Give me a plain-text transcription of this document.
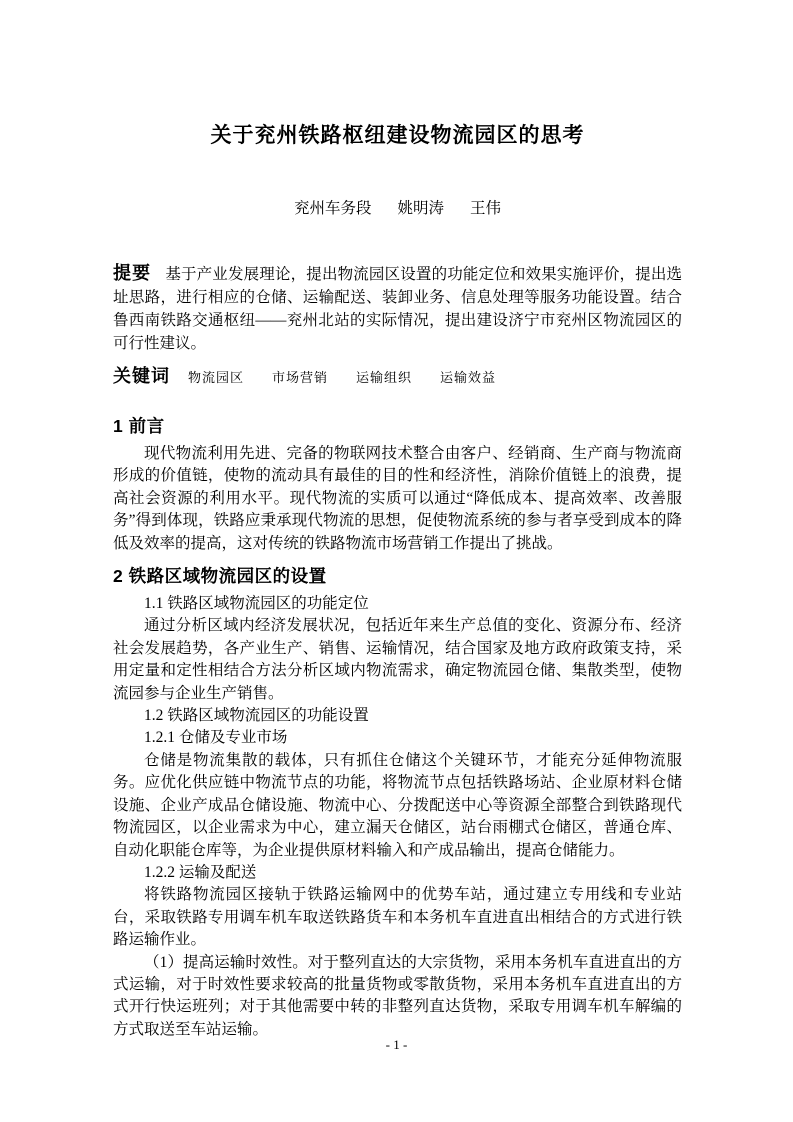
关于兖州铁路枢纽建设物流园区的思考
兖州车务段 姚明涛 王伟

提要 基于产业发展理论，提出物流园区设置的功能定位和效果实施评价，提出选址思路，进行相应的仓储、运输配送、装卸业务、信息处理等服务功能设置。结合鲁西南铁路交通枢纽——兖州北站的实际情况，提出建设济宁市兖州区物流园区的可行性建议。

关键词 物流园区 市场营销 运输组织 运输效益
1 前言

现代物流利用先进、完备的物联网技术整合由客户、经销商、生产商与物流商形成的价值链，使物的流动具有最佳的目的性和经济性，消除价值链上的浪费，提高社会资源的利用水平。现代物流的实质可以通过“降低成本、提高效率、改善服务”得到体现，铁路应秉承现代物流的思想，促使物流系统的参与者享受到成本的降低及效率的提高，这对传统的铁路物流市场营销工作提出了挑战。

2 铁路区域物流园区的设置

1.1 铁路区域物流园区的功能定位

通过分析区域内经济发展状况，包括近年来生产总值的变化、资源分布、经济社会发展趋势，各产业生产、销售、运输情况，结合国家及地方政府政策支持，采用定量和定性相结合方法分析区域内物流需求，确定物流园仓储、集散类型，使物流园参与企业生产销售。

1.2 铁路区域物流园区的功能设置

1.2.1 仓储及专业市场

仓储是物流集散的载体，只有抓住仓储这个关键环节，才能充分延伸物流服务。应优化供应链中物流节点的功能，将物流节点包括铁路场站、企业原材料仓储设施、企业产成品仓储设施、物流中心、分拨配送中心等资源全部整合到铁路现代物流园区，以企业需求为中心，建立漏天仓储区，站台雨棚式仓储区，普通仓库、自动化职能仓库等，为企业提供原材料输入和产成品输出，提高仓储能力。

1.2.2 运输及配送

将铁路物流园区接轨于铁路运输网中的优势车站，通过建立专用线和专业站台，采取铁路专用调车机车取送铁路货车和本务机车直进直出相结合的方式进行铁路运输作业。

（1）提高运输时效性。对于整列直达的大宗货物，采用本务机车直进直出的方式运输，对于时效性要求较高的批量货物或零散货物，采用本务机车直进直出的方式开行快运班列；对于其他需要中转的非整列直达货物，采取专用调车机车解编的方式取送至车站运输。

- 1 -
